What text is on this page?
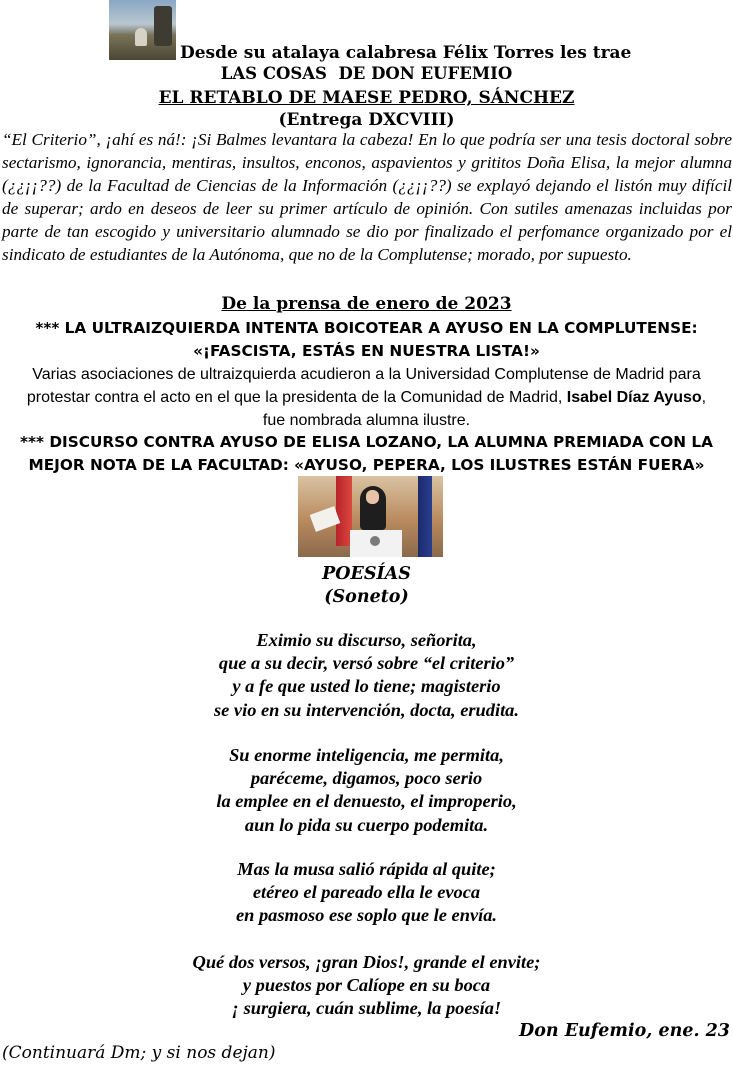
Desde su atalaya calabresa Félix Torres les trae
LAS COSAS  DE DON EUFEMIO
EL RETABLO DE MAESE PEDRO, SÁNCHEZ
(Entrega DXCVIII)

“El Criterio”, ¡ahí es ná!: ¡Si Balmes levantara la cabeza! En lo que podría ser una tesis doctoral sobre sectarismo, ignorancia, mentiras, insultos, enconos, aspavientos y grititos Doña Elisa, la mejor alumna (¿¿¡¡??) de la Facultad de Ciencias de la Información (¿¿¡¡??) se explayó dejando el listón muy difícil de superar; ardo en deseos de leer su primer artículo de opinión. Con sutiles amenazas incluidas por parte de tan escogido y universitario alumnado se dio por finalizado el perfomance organizado por el sindicato de estudiantes de la Autónoma, que no de la Complutense; morado, por supuesto.

De la prensa de enero de 2023
*** LA ULTRAIZQUIERDA INTENTA BOICOTEAR A AYUSO EN LA COMPLUTENSE:
«¡FASCISTA, ESTÁS EN NUESTRA LISTA!»

Varias asociaciones de ultraizquierda acudieron a la Universidad Complutense de Madrid para protestar contra el acto en el que la presidenta de la Comunidad de Madrid, Isabel Díaz Ayuso, fue nombrada alumna ilustre.

*** DISCURSO CONTRA AYUSO DE ELISA LOZANO, LA ALUMNA PREMIADA CON LA
MEJOR NOTA DE LA FACULTAD: «AYUSO, PEPERA, LOS ILUSTRES ESTÁN FUERA»
POESÍAS
(Soneto)
Eximio su discurso, señorita,
que a su decir, versó sobre “el criterio”
y a fe que usted lo tiene; magisterio
se vio en su intervención, docta, erudita.
Su enorme inteligencia, me permita,
paréceme, digamos, poco serio
la emplee en el denuesto, el improperio,
aun lo pida su cuerpo podemita.
Mas la musa salió rápida al quite;
etéreo el pareado ella le evoca
en pasmoso ese soplo que le envía.
Qué dos versos, ¡gran Dios!, grande el envite;
y puestos por Calíope en su boca
¡ surgiera, cuán sublime, la poesía!
Don Eufemio, ene. 23
(Continuará Dm; y si nos dejan)
